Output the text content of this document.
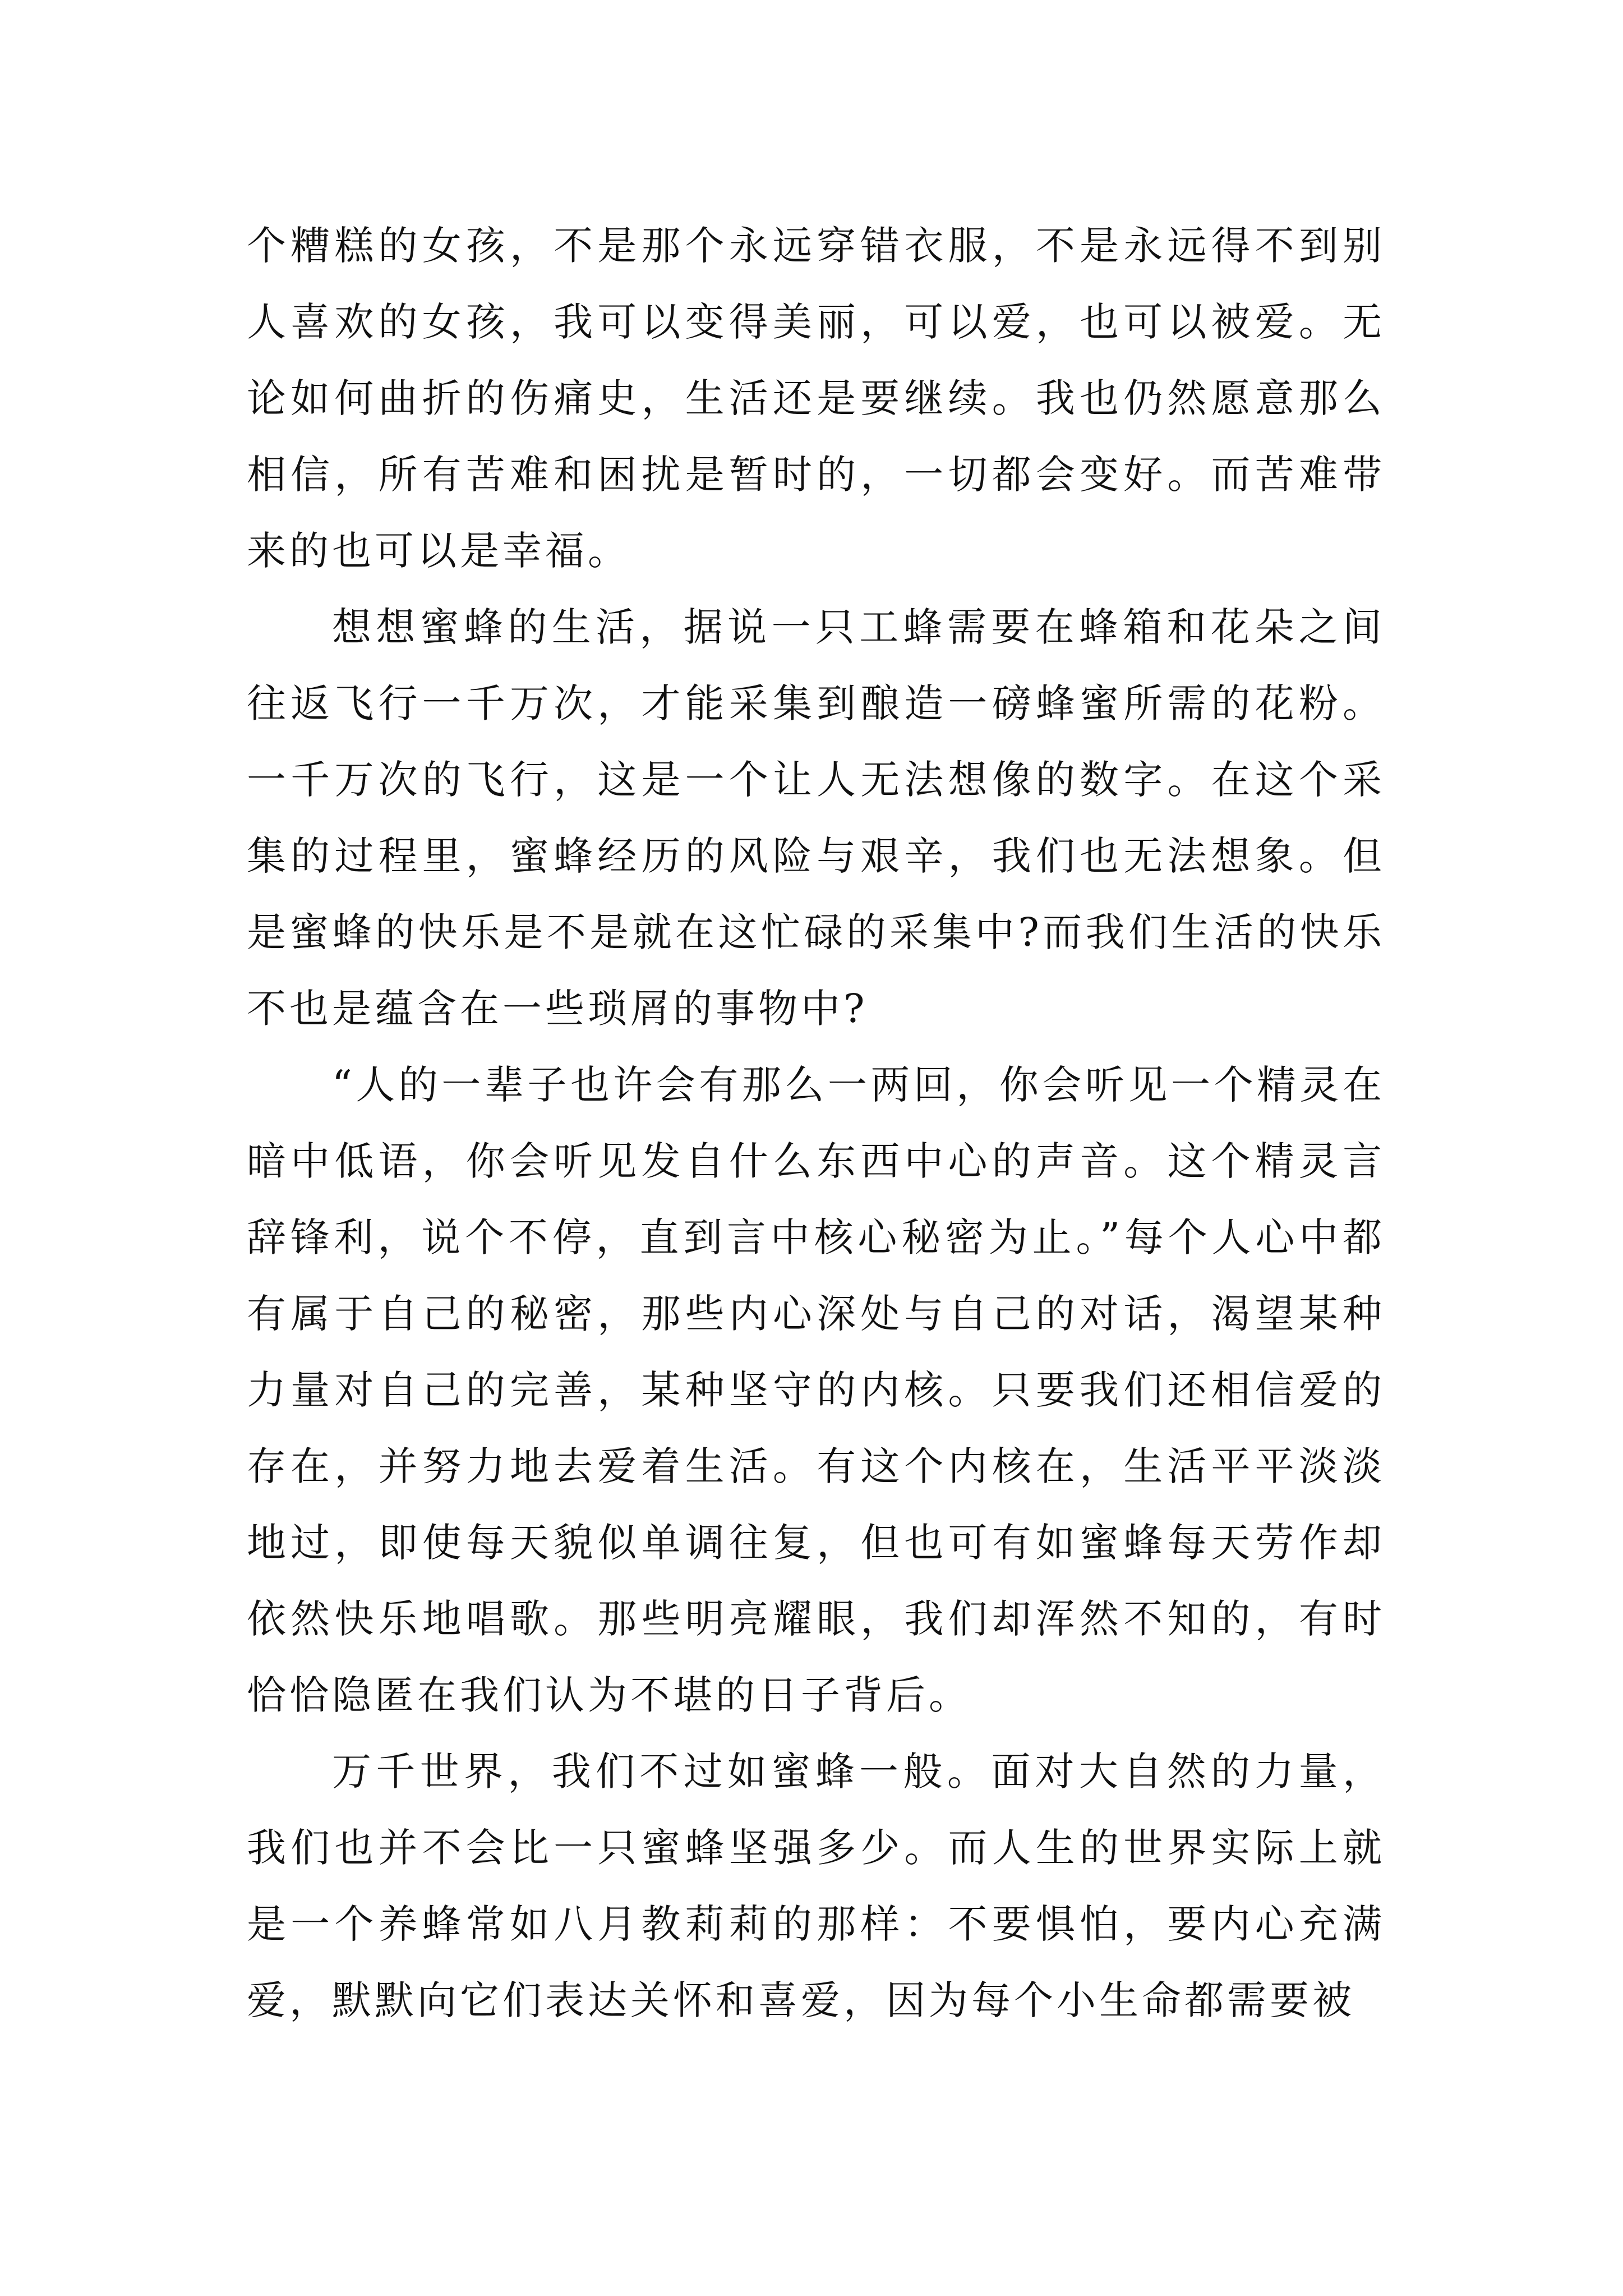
个糟糕的女孩，不是那个永远穿错衣服，不是永远得不到别人喜欢的女孩，我可以变得美丽，可以爱，也可以被爱。无论如何曲折的伤痛史，生活还是要继续。我也仍然愿意那么相信，所有苦难和困扰是暂时的，一切都会变好。而苦难带来的也可以是幸福。

想想蜜蜂的生活，据说一只工蜂需要在蜂箱和花朵之间往返飞行一千万次，才能采集到酿造一磅蜂蜜所需的花粉。一千万次的飞行，这是一个让人无法想像的数字。在这个采集的过程里，蜜蜂经历的风险与艰辛，我们也无法想象。但是蜜蜂的快乐是不是就在这忙碌的采集中?而我们生活的快乐不也是蕴含在一些琐屑的事物中?

“人的一辈子也许会有那么一两回，你会听见一个精灵在暗中低语，你会听见发自什么东西中心的声音。这个精灵言辞锋利，说个不停，直到言中核心秘密为止。”每个人心中都有属于自己的秘密，那些内心深处与自己的对话，渴望某种力量对自己的完善，某种坚守的内核。只要我们还相信爱的存在，并努力地去爱着生活。有这个内核在，生活平平淡淡地过，即使每天貌似单调往复，但也可有如蜜蜂每天劳作却依然快乐地唱歌。那些明亮耀眼，我们却浑然不知的，有时恰恰隐匿在我们认为不堪的日子背后。

万千世界，我们不过如蜜蜂一般。面对大自然的力量，我们也并不会比一只蜜蜂坚强多少。而人生的世界实际上就是一个养蜂常如八月教莉莉的那样：不要惧怕，要内心充满爱，默默向它们表达关怀和喜爱，因为每个小生命都需要被
